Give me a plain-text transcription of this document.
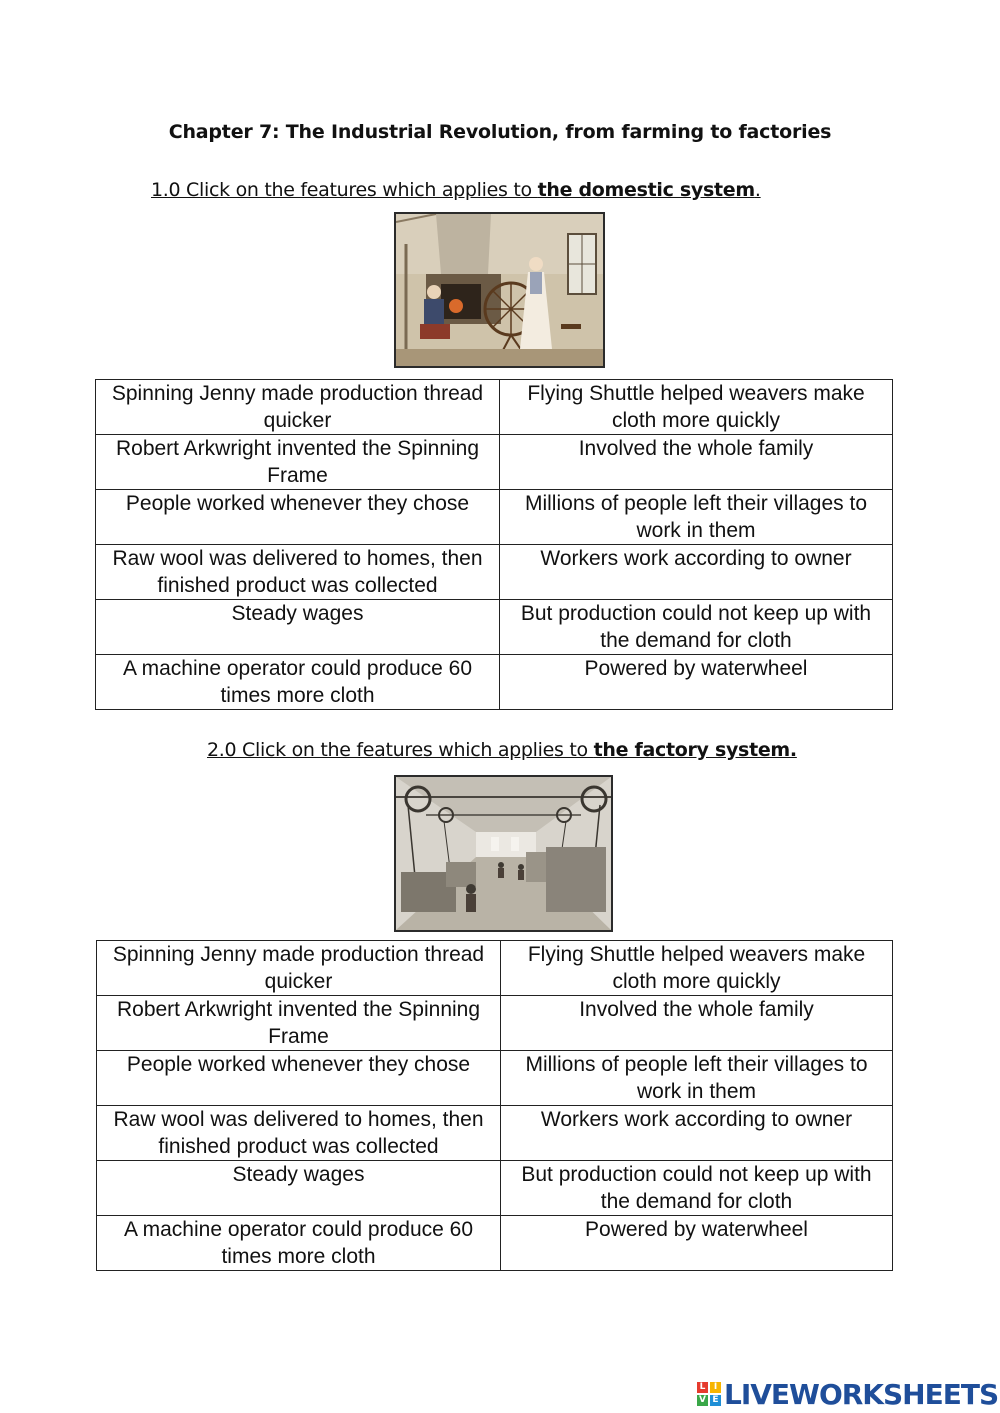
Chapter 7: The Industrial Revolution, from farming to factories
1.0 Click on the features which applies to the domestic system.
Spinning Jenny made production thread quicker	Flying Shuttle helped weavers make cloth more quickly
Robert Arkwright invented the Spinning Frame	Involved the whole family
People worked whenever they chose	Millions of people left their villages to work in them
Raw wool was delivered to homes, then finished product was collected	Workers work according to owner
Steady wages	But production could not keep up with the demand for cloth
A machine operator could produce 60 times more cloth	Powered by waterwheel
2.0 Click on the features which applies to the factory system.
Spinning Jenny made production thread quicker	Flying Shuttle helped weavers make cloth more quickly
Robert Arkwright invented the Spinning Frame	Involved the whole family
People worked whenever they chose	Millions of people left their villages to work in them
Raw wool was delivered to homes, then finished product was collected	Workers work according to owner
Steady wages	But production could not keep up with the demand for cloth
A machine operator could produce 60 times more cloth	Powered by waterwheel
L I
V E LIVEWORKSHEETS
